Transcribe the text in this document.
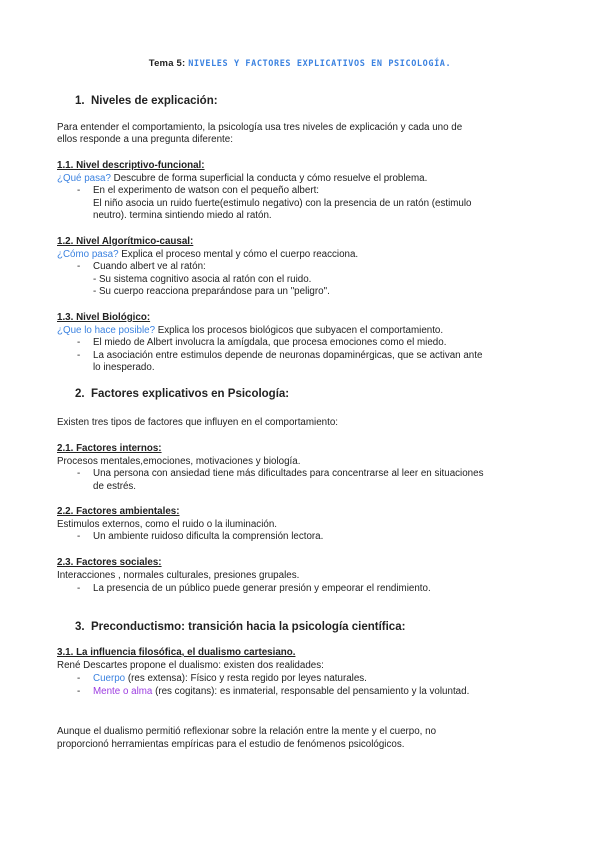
Tema 5: NIVELES Y FACTORES EXPLICATIVOS EN PSICOLOGÍA.
1. Niveles de explicación:
Para entender el comportamiento, la psicología usa tres niveles de explicación y cada uno de
ellos responde a una pregunta diferente:
1.1. Nivel descriptivo-funcional:
¿Qué pasa? Descubre de forma superficial la conducta y cómo resuelve el problema.
- En el experimento de watson con el pequeño albert:
El niño asocia un ruido fuerte(estimulo negativo) con la presencia de un ratón (estimulo
neutro). termina sintiendo miedo al ratón.
1.2. Nivel Algorítmico-causal:
¿Cómo pasa? Explica el proceso mental y cómo el cuerpo reacciona.
- Cuando albert ve al ratón:
- Su sistema cognitivo asocia al ratón con el ruido.
- Su cuerpo reacciona preparándose para un "peligro".
1.3. Nivel Biológico:
¿Que lo hace posible? Explica los procesos biológicos que subyacen el comportamiento.
- El miedo de Albert involucra la amígdala, que procesa emociones como el miedo.
- La asociación entre estimulos depende de neuronas dopaminérgicas, que se activan ante
lo inesperado.
2. Factores explicativos en Psicología:
Existen tres tipos de factores que influyen en el comportamiento:
2.1. Factores internos:
Procesos mentales,emociones, motivaciones y biología.
- Una persona con ansiedad tiene más dificultades para concentrarse al leer en situaciones
de estrés.
2.2. Factores ambientales:
Estimulos externos, como el ruido o la iluminación.
- Un ambiente ruidoso dificulta la comprensión lectora.
2.3. Factores sociales:
Interacciones , normales culturales, presiones grupales.
- La presencia de un público puede generar presión y empeorar el rendimiento.
3. Preconductismo: transición hacia la psicología científica:
3.1. La influencia filosófica, el dualismo cartesiano.
René Descartes propone el dualismo: existen dos realidades:
- Cuerpo (res extensa): Físico y resta regido por leyes naturales.
- Mente o alma (res cogitans): es inmaterial, responsable del pensamiento y la voluntad.
Aunque el dualismo permitió reflexionar sobre la relación entre la mente y el cuerpo, no
proporcionó herramientas empíricas para el estudio de fenómenos psicológicos.
